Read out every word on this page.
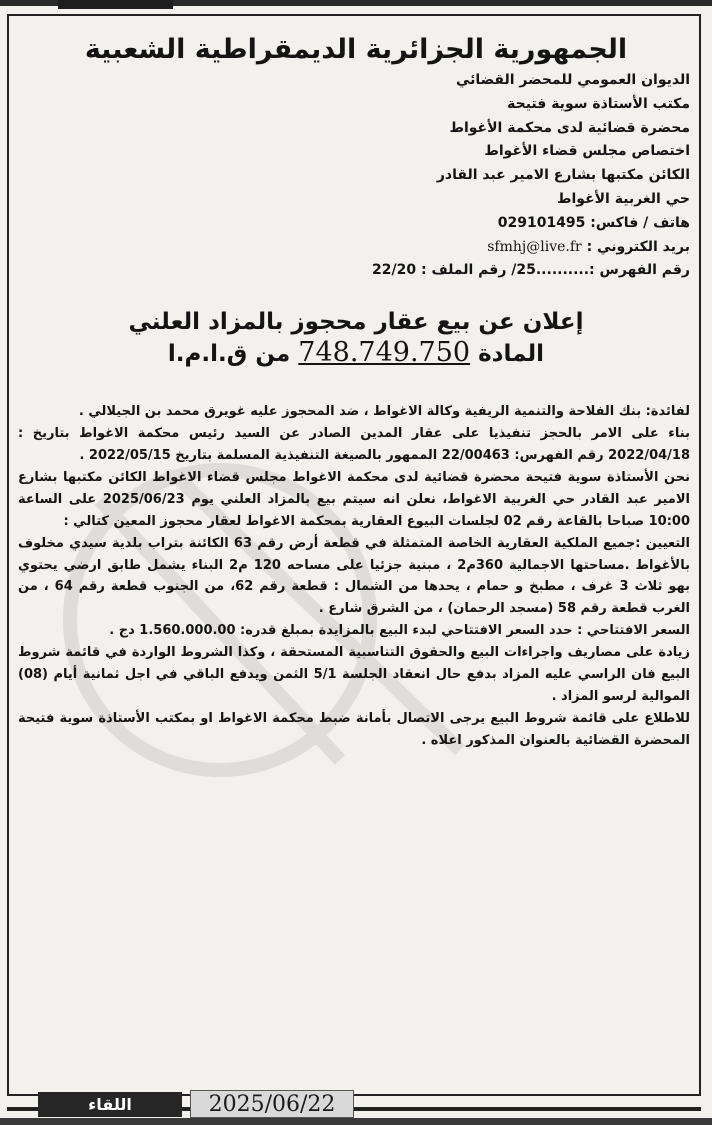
الجمهورية الجزائرية الديمقراطية الشعبية
الديوان العمومي للمحضر القضائي
مكتب الأستاذة سوية فتيحة
محضرة قضائية لدى محكمة الأغواط
اختصاص مجلس قضاء الأغواط
الكائن مكتبها بشارع الامير عبد القادر
حي الغربية الأغواط
هاتف / فاكس: 029101495
بريد الكتروني : sfmhj@live.fr
رقم الفهرس :..........25/ رقم الملف : 22/20
إعلان عن بيع عقار محجوز بالمزاد العلني
المادة 748.749.750 من ق.ا.م.ا

لفائدة: بنك الفلاحة والتنمية الريفية وكالة الاغواط ، ضد المحجوز عليه غويرق محمد بن الجيلالي .

بناء على الامر بالحجز تنفيذيا على عقار المدين الصادر عن السيد رئيس محكمة الاغواط بتاريخ : 2022/04/18 رقم الفهرس: 22/00463 الممهور بالصيغة التنفيذية المسلمة بتاريخ 2022/05/15 .

نحن الأستاذة سوية فتيحة محضرة قضائية لدى محكمة الاغواط مجلس قضاء الاغواط الكائن مكتبها بشارع الامير عبد القادر حي الغربية الاغواط، نعلن انه سيتم بيع بالمزاد العلني يوم 2025/06/23 على الساعة 10:00 صباحا بالقاعة رقم 02 لجلسات البيوع العقارية بمحكمة الاغواط لعقار محجوز المعين كتالي :

التعيين :جميع الملكية العقارية الخاصة المتمثلة في قطعة أرض رقم 63 الكائنة بتراب بلدية سيدي مخلوف بالأغواط .مساحتها الاجمالية 360م2 ، مبنية جزئيا على مساحه 120 م2 البناء يشمل طابق ارضي يحتوي بهو ثلاث 3 غرف ، مطبخ و حمام ، يحدها من الشمال : قطعة رقم 62، من الجنوب قطعة رقم 64 ، من الغرب قطعة رقم 58 (مسجد الرحمان) ، من الشرق شارع .

السعر الافتتاحي : حدد السعر الافتتاحي لبدء البيع بالمزايدة بمبلغ قدره: 1.560.000.00 دج .

زيادة على مصاريف واجراءات البيع والحقوق التناسبية المستحقة ، وكذا الشروط الواردة في قائمة شروط البيع فان الراسي عليه المزاد بدفع حال انعقاد الجلسة 5/1 الثمن ويدفع الباقي في اجل ثمانية أيام (08) الموالية لرسو المزاد .

للاطلاع على قائمة شروط البيع يرجى الاتصال بأمانة ضبط محكمة الاغواط او بمكتب الأستاذة سوية فتيحة المحضرة القضائية بالعنوان المذكور اعلاه .

2025/06/22
اللقاء
